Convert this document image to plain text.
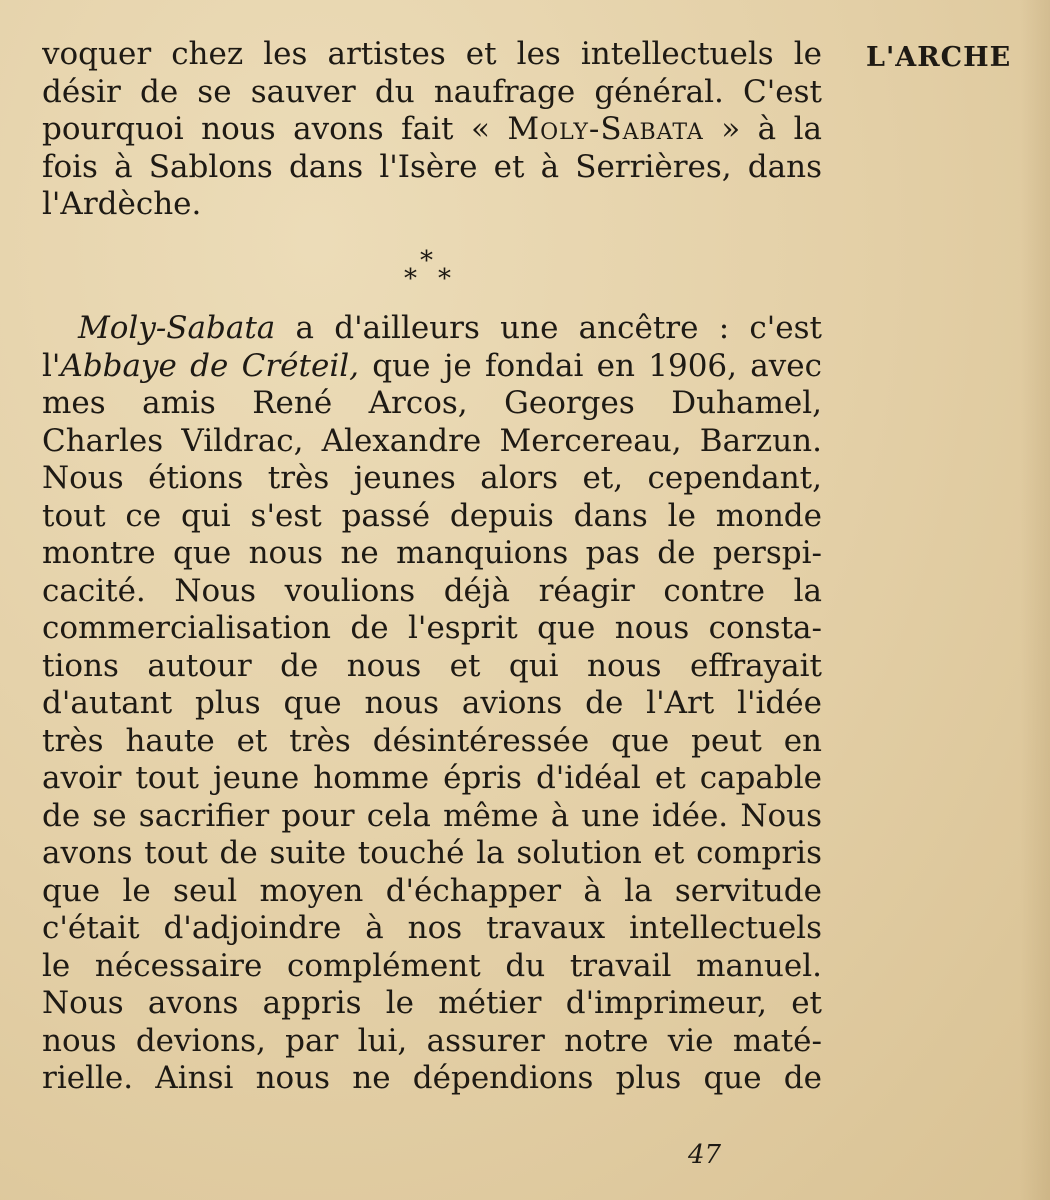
L'ARCHE
voquer chez les artistes et les intellectuels le
désir de se sauver du naufrage général. C'est
pourquoi nous avons fait « Moly-Sabata » à la
fois à Sablons dans l'Isère et à Serrières, dans
l'Ardèche.
*
* *
Moly-Sabata a d'ailleurs une ancêtre : c'est
l'Abbaye de Créteil, que je fondai en 1906, avec
mes amis René Arcos, Georges Duhamel,
Charles Vildrac, Alexandre Mercereau, Barzun.
Nous étions très jeunes alors et, cependant,
tout ce qui s'est passé depuis dans le monde
montre que nous ne manquions pas de perspi-
cacité. Nous voulions déjà réagir contre la
commercialisation de l'esprit que nous consta-
tions autour de nous et qui nous effrayait
d'autant plus que nous avions de l'Art l'idée
très haute et très désintéressée que peut en
avoir tout jeune homme épris d'idéal et capable
de se sacrifier pour cela même à une idée. Nous
avons tout de suite touché la solution et compris
que le seul moyen d'échapper à la servitude
c'était d'adjoindre à nos travaux intellectuels
le nécessaire complément du travail manuel.
Nous avons appris le métier d'imprimeur, et
nous devions, par lui, assurer notre vie maté-
rielle. Ainsi nous ne dépendions plus que de
47
